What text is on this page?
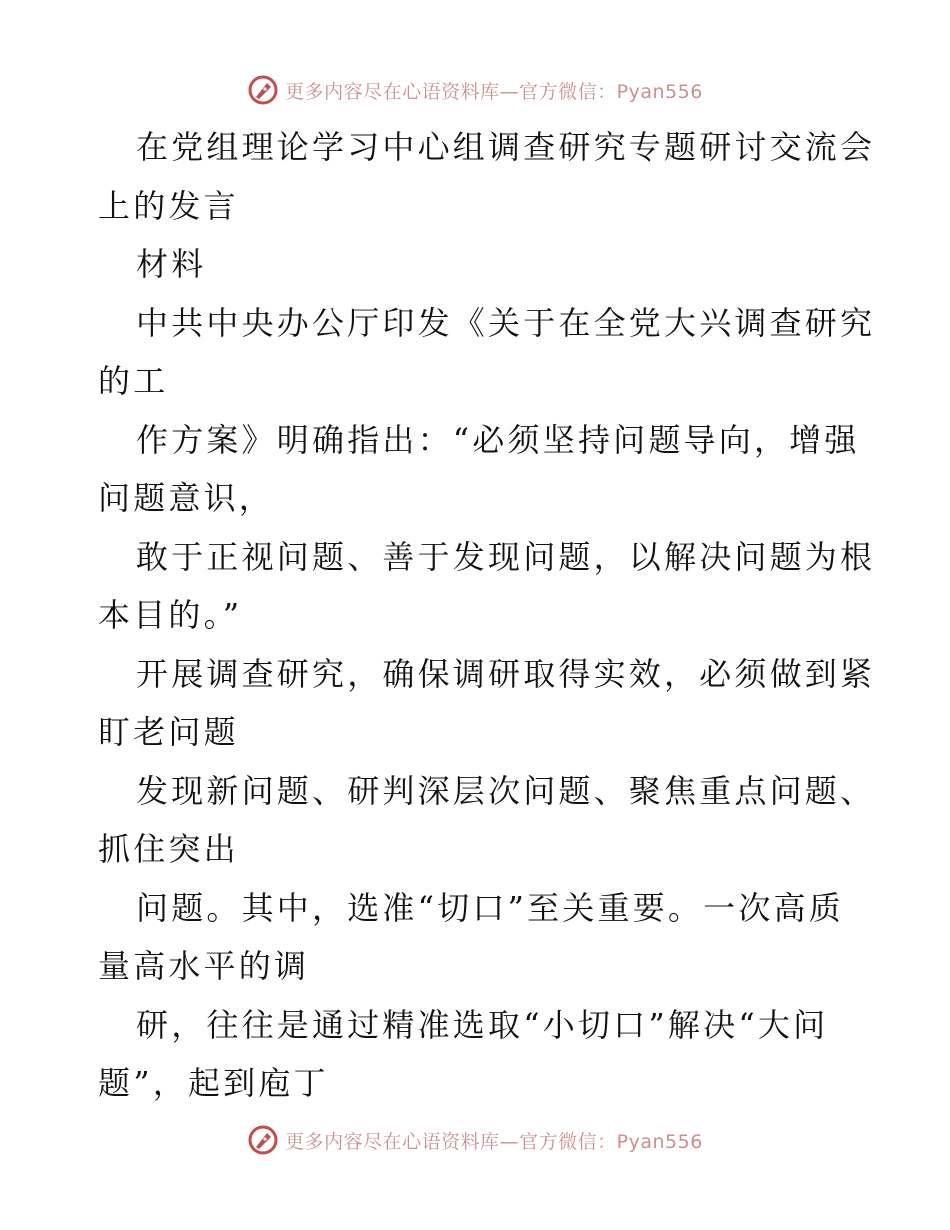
更多内容尽在心语资料库—官方微信：Pyan556
在党组理论学习中心组调查研究专题研讨交流会
上的发言
材料
中共中央办公厅印发《关于在全党大兴调查研究
的工
作方案》明确指出：“必须坚持问题导向，增强
问题意识，
敢于正视问题、善于发现问题，以解决问题为根
本目的。”
开展调查研究，确保调研取得实效，必须做到紧
盯老问题
发现新问题、研判深层次问题、聚焦重点问题、
抓住突出
问题。其中，选准“切口”至关重要。一次高质
量高水平的调
研，往往是通过精准选取“小切口”解决“大问
题”，起到庖丁
更多内容尽在心语资料库—官方微信：Pyan556
